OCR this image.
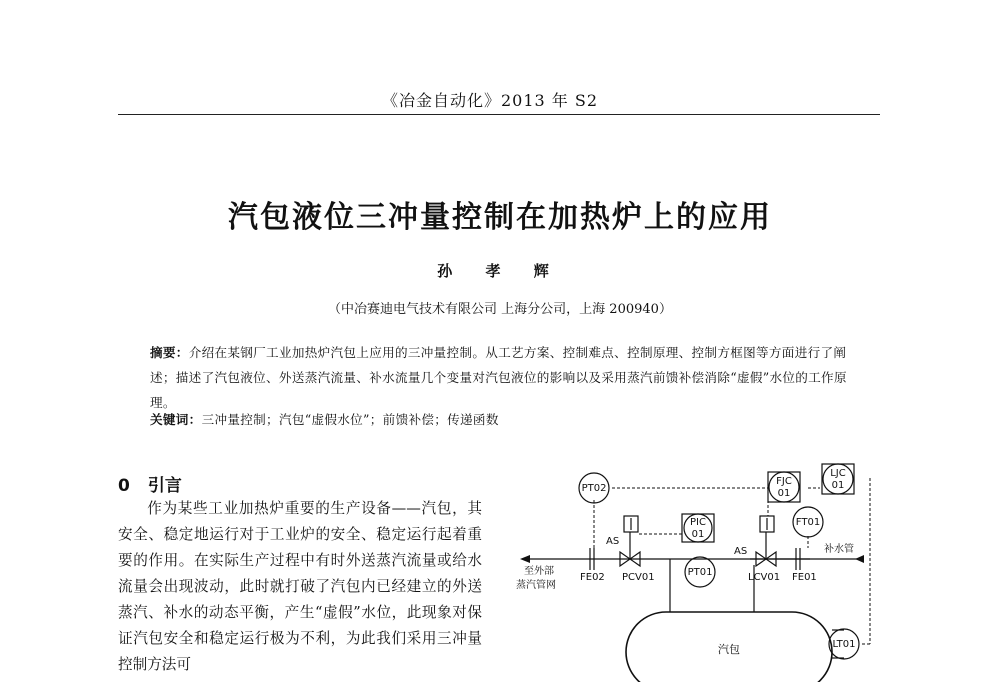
《冶金自动化》2013 年 S2
汽包液位三冲量控制在加热炉上的应用
孙 孝 辉
（中冶赛迪电气技术有限公司 上海分公司，上海 200940）
摘要：介绍在某钢厂工业加热炉汽包上应用的三冲量控制。从工艺方案、控制难点、控制原理、控制方框图等方面进行了阐述；描述了汽包液位、外送蒸汽流量、补水流量几个变量对汽包液位的影响以及采用蒸汽前馈补偿消除“虚假”水位的工作原理。
关键词：三冲量控制；汽包“虚假水位”；前馈补偿；传递函数
0 引言

作为某些工业加热炉重要的生产设备——汽包，其安全、稳定地运行对于工业炉的安全、稳定运行起着重要的作用。在实际生产过程中有时外送蒸汽流量或给水流量会出现波动，此时就打破了汽包内已经建立的外送蒸汽、补水的动态平衡，产生“虚假”水位，此现象对保证汽包安全和稳定运行极为不利，为此我们采用三冲量控制方法可

PT02
FJC
01
LJC
01
PIC
01
FT01
PT01
LT01
AS
AS
FE02 PCV01	LCV01 FE01
至外部
蒸汽管网
补水管
汽包
